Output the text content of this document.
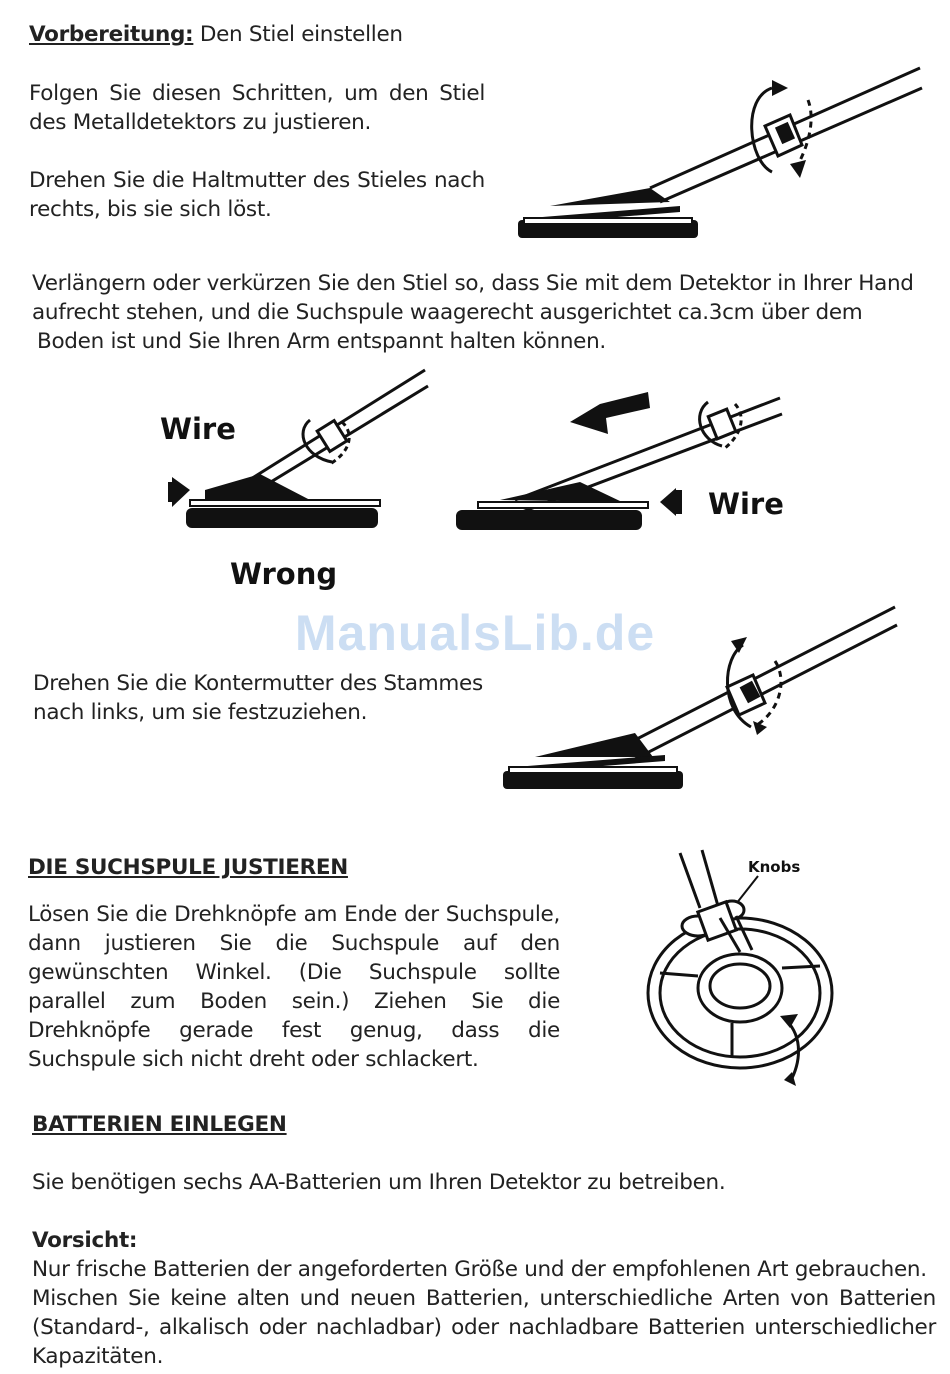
Vorbereitung: Den Stiel einstellen
Folgen Sie diesen Schritten, um den Stiel des Metalldetektors zu justieren.
Drehen Sie die Haltmutter des Stieles nach rechts, bis sie sich löst.
Verlängern oder verkürzen Sie den Stiel so, dass Sie mit dem Detektor in Ihrer Hand
aufrecht stehen, und die Suchspule waagerecht ausgerichtet ca.3cm über dem
Boden ist und Sie Ihren Arm entspannt halten können.
Wire
Wrong
Wire
ManualsLib.de
Drehen Sie die Kontermutter des Stammes nach links, um sie festzuziehen.
DIE SUCHSPULE JUSTIEREN
Lösen Sie die Drehknöpfe am Ende der Suchspule, dann justieren Sie die Suchspule auf den gewünschten Winkel. (Die Suchspule sollte parallel zum Boden sein.) Ziehen Sie die Drehknöpfe gerade fest genug, dass die Suchspule sich nicht dreht oder schlackert.
Knobs
BATTERIEN EINLEGEN
Sie benötigen sechs AA-Batterien um Ihren Detektor zu betreiben.
Vorsicht:
Nur frische Batterien der angeforderten Größe und der empfohlenen Art gebrauchen.
Mischen Sie keine alten und neuen Batterien, unterschiedliche Arten von Batterien (Standard-, alkalisch oder nachladbar) oder nachladbare Batterien unterschiedlicher Kapazitäten.
